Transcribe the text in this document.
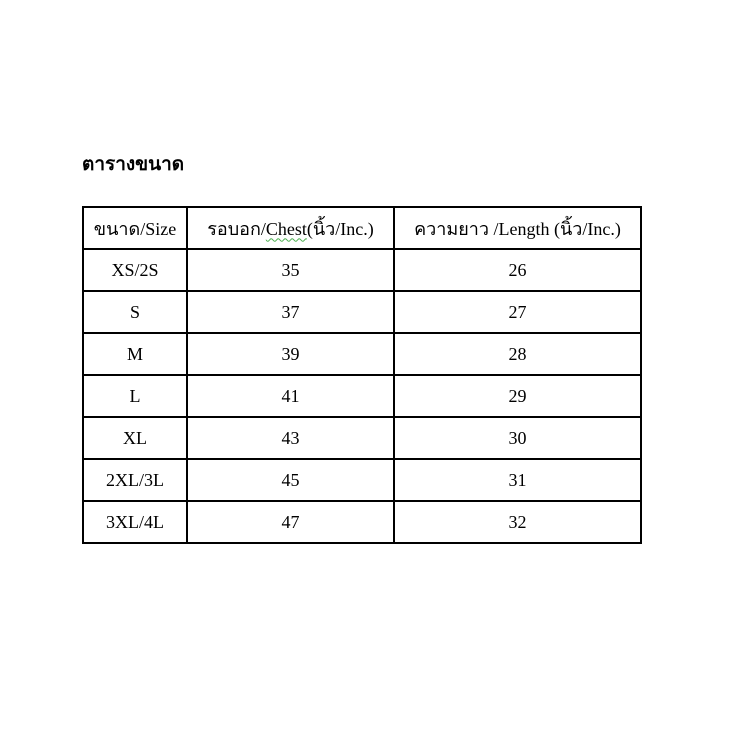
ตารางขนาด
ขนาด/Size	รอบอก/Chest(นิ้ว/Inc.)	ความยาว /Length (นิ้ว/Inc.)
XS/2S	35	26
S	37	27
M	39	28
L	41	29
XL	43	30
2XL/3L	45	31
3XL/4L	47	32
